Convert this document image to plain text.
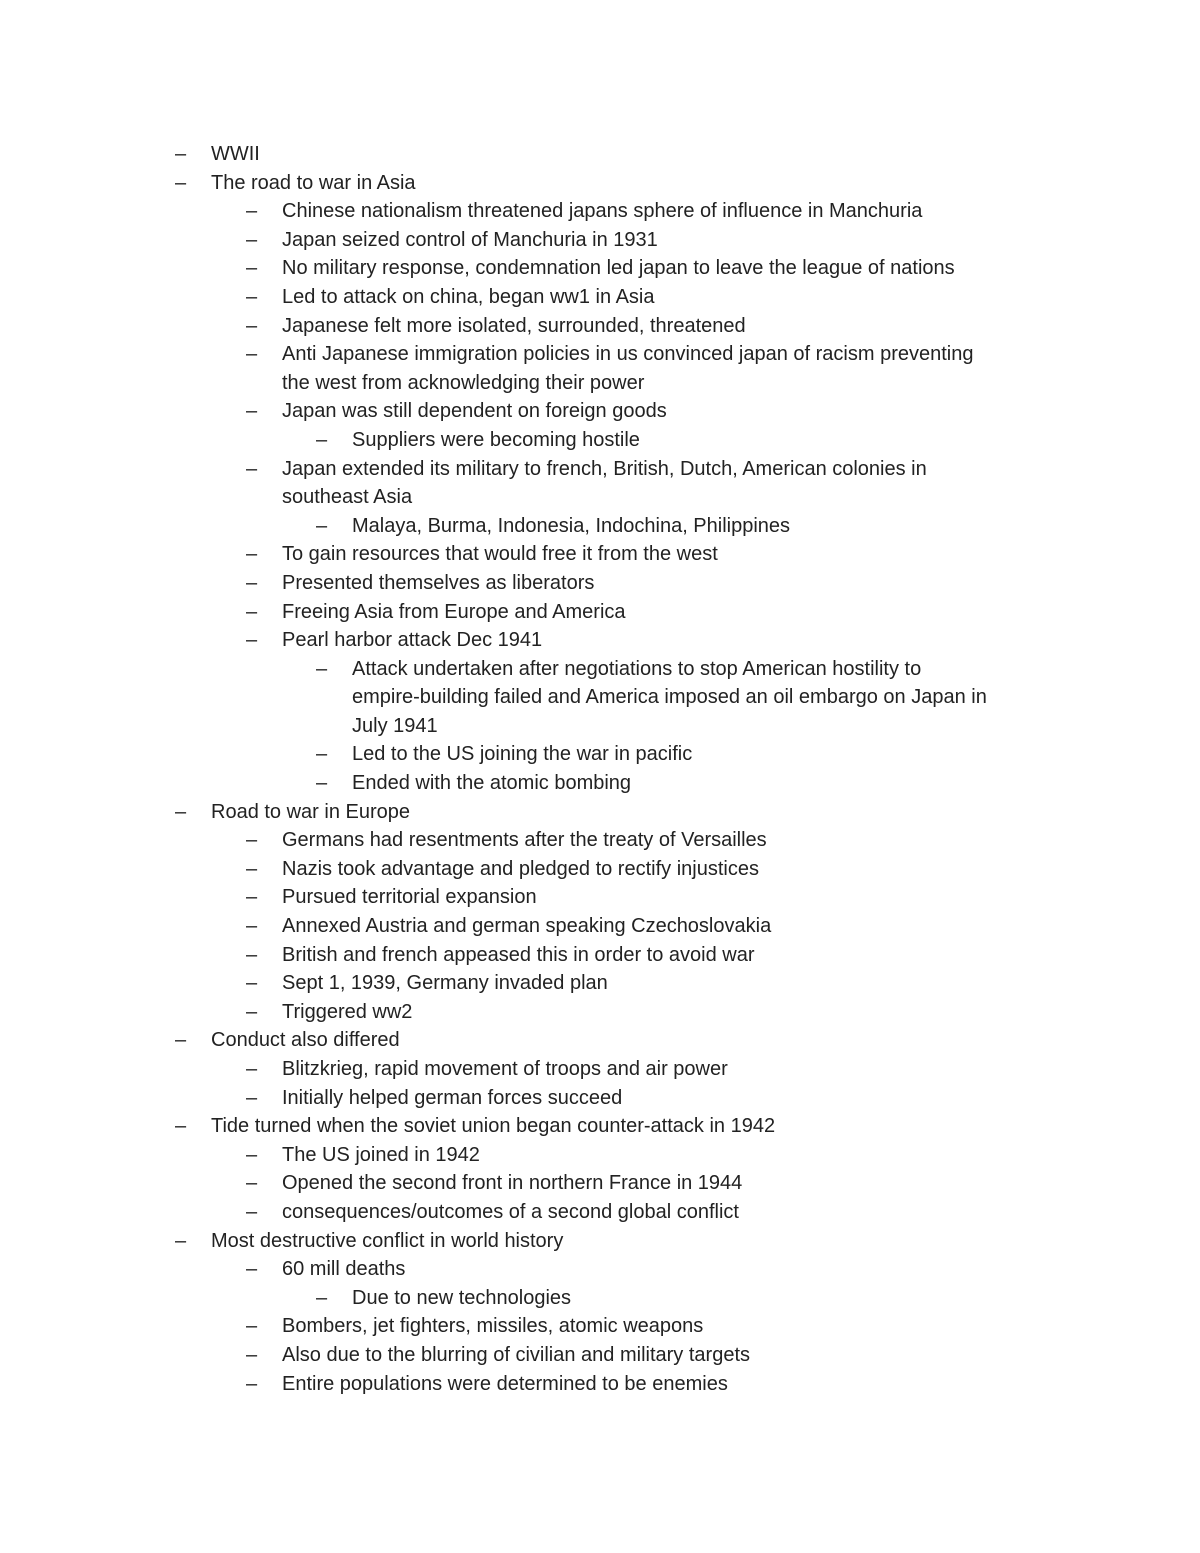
– WWII
– The road to war in Asia
– Chinese nationalism threatened japans sphere of influence in Manchuria
– Japan seized control of Manchuria in 1931
– No military response, condemnation led japan to leave the league of nations
– Led to attack on china, began ww1 in Asia
– Japanese felt more isolated, surrounded, threatened
– Anti Japanese immigration policies in us convinced japan of racism preventing
the west from acknowledging their power
– Japan was still dependent on foreign goods
– Suppliers were becoming hostile
– Japan extended its military to french, British, Dutch, American colonies in
southeast Asia
– Malaya, Burma, Indonesia, Indochina, Philippines
– To gain resources that would free it from the west
– Presented themselves as liberators
– Freeing Asia from Europe and America
– Pearl harbor attack Dec 1941
– Attack undertaken after negotiations to stop American hostility to
empire-building failed and America imposed an oil embargo on Japan in
July 1941
– Led to the US joining the war in pacific
– Ended with the atomic bombing
– Road to war in Europe
– Germans had resentments after the treaty of Versailles
– Nazis took advantage and pledged to rectify injustices
– Pursued territorial expansion
– Annexed Austria and german speaking Czechoslovakia
– British and french appeased this in order to avoid war
– Sept 1, 1939, Germany invaded plan
– Triggered ww2
– Conduct also differed
– Blitzkrieg, rapid movement of troops and air power
– Initially helped german forces succeed
– Tide turned when the soviet union began counter-attack in 1942
– The US joined in 1942
– Opened the second front in northern France in 1944
– consequences/outcomes of a second global conflict
– Most destructive conflict in world history
– 60 mill deaths
– Due to new technologies
– Bombers, jet fighters, missiles, atomic weapons
– Also due to the blurring of civilian and military targets
– Entire populations were determined to be enemies
